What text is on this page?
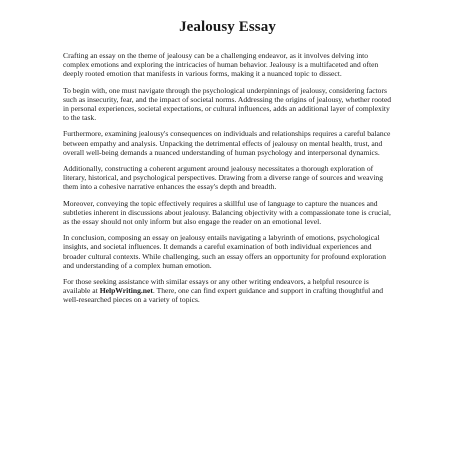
Jealousy Essay

Crafting an essay on the theme of jealousy can be a challenging endeavor, as it involves delving into complex emotions and exploring the intricacies of human behavior. Jealousy is a multifaceted and often deeply rooted emotion that manifests in various forms, making it a nuanced topic to dissect.

To begin with, one must navigate through the psychological underpinnings of jealousy, considering factors such as insecurity, fear, and the impact of societal norms. Addressing the origins of jealousy, whether rooted in personal experiences, societal expectations, or cultural influences, adds an additional layer of complexity to the task.

Furthermore, examining jealousy's consequences on individuals and relationships requires a careful balance between empathy and analysis. Unpacking the detrimental effects of jealousy on mental health, trust, and overall well-being demands a nuanced understanding of human psychology and interpersonal dynamics.

Additionally, constructing a coherent argument around jealousy necessitates a thorough exploration of literary, historical, and psychological perspectives. Drawing from a diverse range of sources and weaving them into a cohesive narrative enhances the essay's depth and breadth.

Moreover, conveying the topic effectively requires a skillful use of language to capture the nuances and subtleties inherent in discussions about jealousy. Balancing objectivity with a compassionate tone is crucial, as the essay should not only inform but also engage the reader on an emotional level.

In conclusion, composing an essay on jealousy entails navigating a labyrinth of emotions, psychological insights, and societal influences. It demands a careful examination of both individual experiences and broader cultural contexts. While challenging, such an essay offers an opportunity for profound exploration and understanding of a complex human emotion.

For those seeking assistance with similar essays or any other writing endeavors, a helpful resource is available at HelpWriting.net. There, one can find expert guidance and support in crafting thoughtful and well-researched pieces on a variety of topics.
